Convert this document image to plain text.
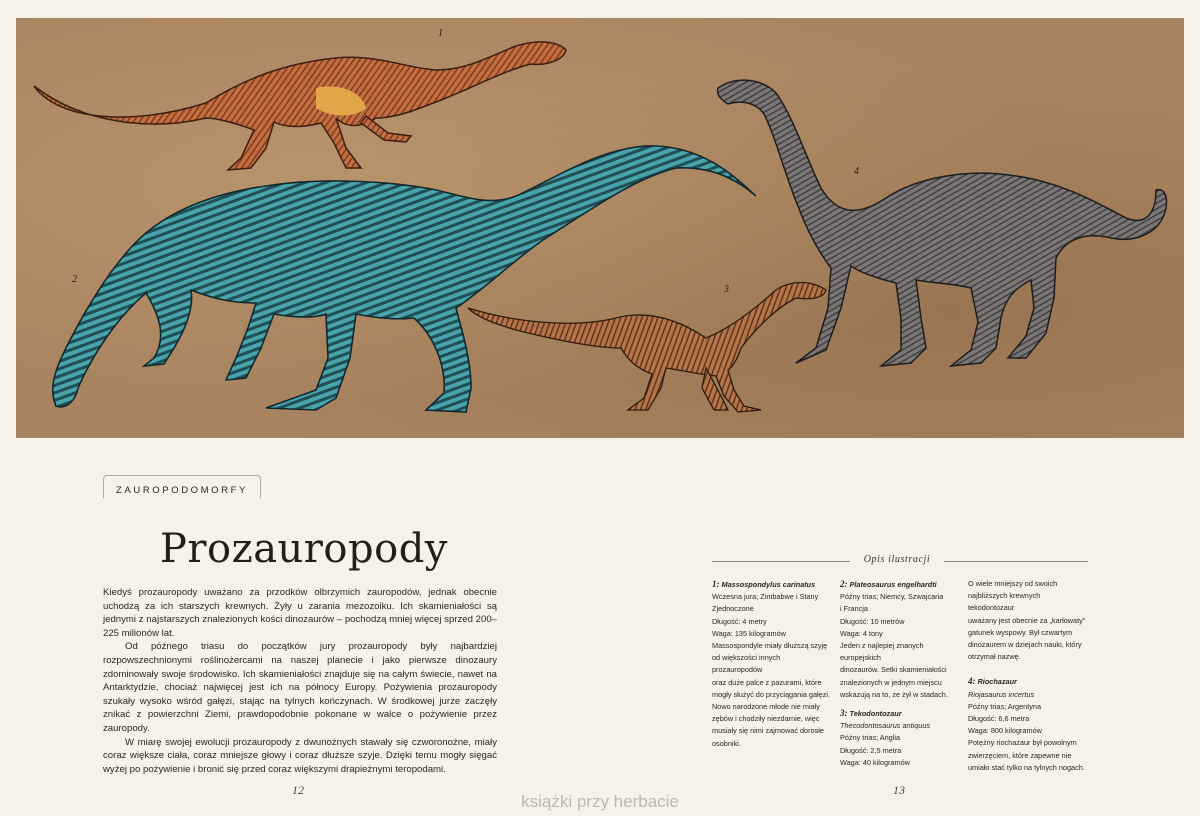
1
2
3
4
ZAUROPODOMORFY
Prozauropody

Kiedyś prozauropody uważano za przodków olbrzymich zauropodów, jednak obecnie uchodzą za ich starszych krewnych. Żyły u zarania mezozoiku. Ich skamieniałości są jednymi z najstarszych znalezionych kości dinozaurów – pochodzą mniej więcej sprzed 200–225 milionów lat.

Od późnego triasu do początków jury prozauropody były najbardziej rozpowszechnionymi roślinożercami na naszej planecie i jako pierwsze dinozaury zdominowały swoje środowisko. Ich skamieniałości znajduje się na całym świecie, nawet na Antarktydzie, chociaż najwięcej jest ich na północy Europy. Pożywienia prozauropody szukały wysoko wśród gałęzi, stając na tylnych kończynach. W środkowej jurze zaczęły znikać z powierzchni Ziemi, prawdopodobnie pokonane w walce o pożywienie przez zauropody.

W miarę swojej ewolucji prozauropody z dwunożnych stawały się czworonożne, miały coraz większe ciała, coraz mniejsze głowy i coraz dłuższe szyje. Dzięki temu mogły sięgać wyżej po pożywienie i bronić się przed coraz większymi drapieżnymi teropodami.

Opis ilustracji
1: Massospondylus carinatus
Wczesna jura; Zimbabwe i Stany
Zjednoczone
Długość: 4 metry
Waga: 135 kilogramów
Massospondyle miały dłuższą szyję
od większości innych prozauropodów
oraz duże palce z pazurami, które
mogły służyć do przyciągania gałęzi.
Nowo narodzone młode nie miały
zębów i chodziły niezdarnie, więc
musiały się nimi zajmować dorosłe
osobniki.
2: Plateosaurus engelhardti
Późny trias; Niemcy, Szwajcaria
i Francja
Długość: 10 metrów
Waga: 4 tony
Jeden z najlepiej znanych europejskich
dinozaurów. Setki skamieniałości
znalezionych w jednym miejscu
wskazują na to, że żył w stadach.
3: Tekodontozaur
Thecodontosaurus antiquus
Późny trias; Anglia
Długość: 2,5 metra
Waga: 40 kilogramów
O wiele mniejszy od swoich
najbliższych krewnych tekodontozaur
uważany jest obecnie za „karłowaty”
gatunek wyspowy. Był czwartym
dinozaurem w dziejach nauki, który
otrzymał nazwę.
4: Riochazaur
Riojasaurus incertus
Późny trias; Argentyna
Długość: 6,6 metra
Waga: 800 kilogramów
Potężny riochazaur był powolnym
zwierzęciem, które zapewne nie
umiało stać tylko na tylnych nogach.
12	13
książki przy herbacie
